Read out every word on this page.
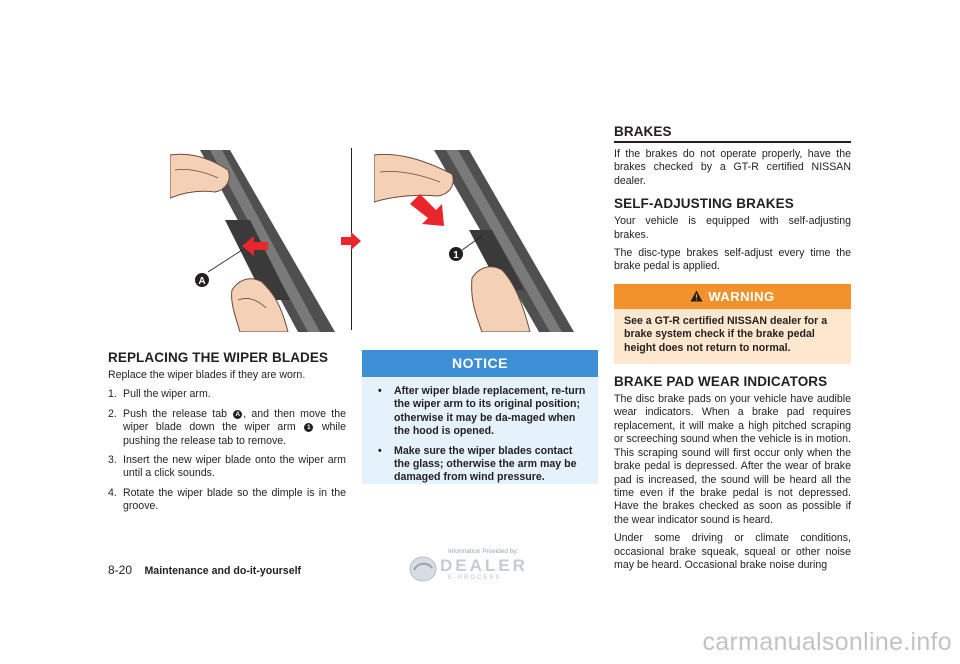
A
1
REPLACING THE WIPER BLADES

Replace the wiper blades if they are worn.

1. Pull the wiper arm.
2. Push the release tab A , and then move the wiper blade down the wiper arm 1 while pushing the release tab to remove.
3. Insert the new wiper blade onto the wiper arm until a click sounds.
4. Rotate the wiper blade so the dimple is in the groove.
NOTICE
• After wiper blade replacement, re-turn the wiper arm to its original position; otherwise it may be da-maged when the hood is opened.
• Make sure the wiper blades contact the glass; otherwise the arm may be damaged from wind pressure.
BRAKES

If the brakes do not operate properly, have the brakes checked by a GT-R certified NISSAN dealer.

SELF-ADJUSTING BRAKES

Your vehicle is equipped with self-adjusting brakes.

The disc-type brakes self-adjust every time the brake pedal is applied.

WARNING
See a GT-R certified NISSAN dealer for a brake system check if the brake pedal height does not return to normal.
BRAKE PAD WEAR INDICATORS

The disc brake pads on your vehicle have audible wear indicators. When a brake pad requires replacement, it will make a high pitched scraping or screeching sound when the vehicle is in motion. This scraping sound will first occur only when the brake pedal is depressed. After the wear of brake pad is increased, the sound will be heard all the time even if the brake pedal is not depressed. Have the brakes checked as soon as possible if the wear indicator sound is heard.

Under some driving or climate conditions, occasional brake squeak, squeal or other noise may be heard. Occasional brake noise during

8-20 Maintenance and do-it-yourself
Information Provided by:
DEALER
E-PROCESS
carmanualsonline.info
